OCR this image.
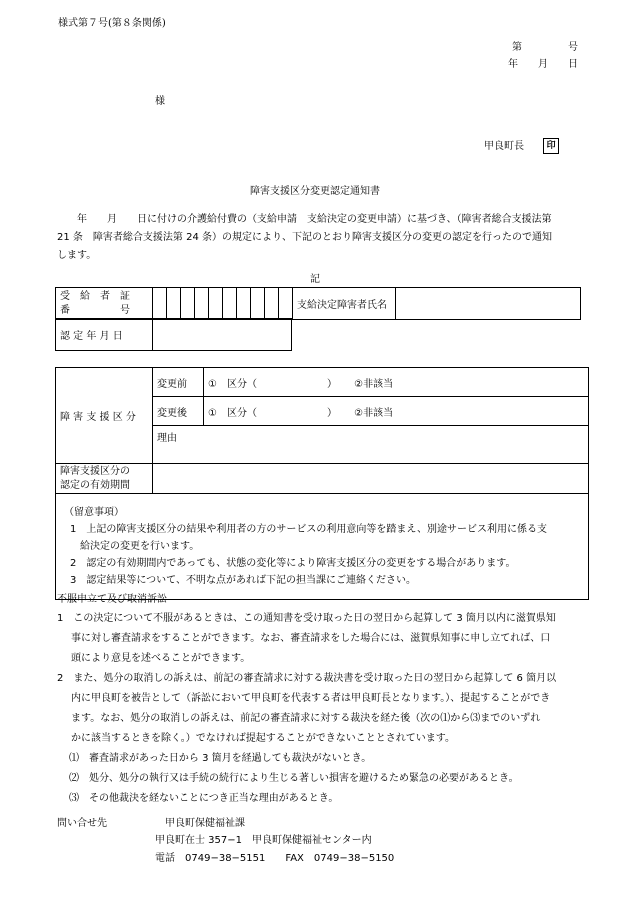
様式第７号(第８条関係)
第	号
年 月 日
様
甲良町長	印
障害支援区分変更認定通知書
　年　　月　　日に付けの介護給付費の（支給申請　支給決定の変更申請）に基づき、（障害者総合支援法第
21 条　障害者総合支援法第 24 条）の規定により、下記のとおり障害支援区分の変更の認定を行ったので通知
します。
記
受　給　者　証
番　　　　　号											支給決定障害者氏名	
認 定 年 月 日	
障 害 支 援 区 分	変更前	①　区分（　　　　　　　） ②非該当
	変更後	①　区分（　　　　　　　） ②非該当
	理由	

障害支援区分の
認定の有効期間		

（留意事項）
1　上記の障害支援区分の結果や利用者の方のサービスの利用意向等を踏まえ、別途サービス利用に係る支
　給決定の変更を行います。
2　認定の有効期間内であっても、状態の変化等により障害支援区分の変更をする場合があります。
3　認定結果等について、不明な点があれば下記の担当課にご連絡ください。		
不服申立て及び取消訴訟
1　この決定について不服があるときは、この通知書を受け取った日の翌日から起算して 3 箇月以内に滋賀県知
事に対し審査請求をすることができます。なお、審査請求をした場合には、滋賀県知事に申し立てれば、口
頭により意見を述べることができます。
2　また、処分の取消しの訴えは、前記の審査請求に対する裁決書を受け取った日の翌日から起算して 6 箇月以
内に甲良町を被告として（訴訟において甲良町を代表する者は甲良町長となります。）、提起することができ
ます。なお、処分の取消しの訴えは、前記の審査請求に対する裁決を経た後（次の⑴から⑶までのいずれ
かに該当するときを除く。）でなければ提起することができないこととされています。
⑴　審査請求があった日から 3 箇月を経過しても裁決がないとき。
⑵　処分、処分の執行又は手続の続行により生じる著しい損害を避けるため緊急の必要があるとき。
⑶　その他裁決を経ないことにつき正当な理由があるとき。
問い合せ先	甲良町保健福祉課
甲良町在士 357−1　甲良町保健福祉センター内
電話　0749−38−5151　　FAX　0749−38−5150
